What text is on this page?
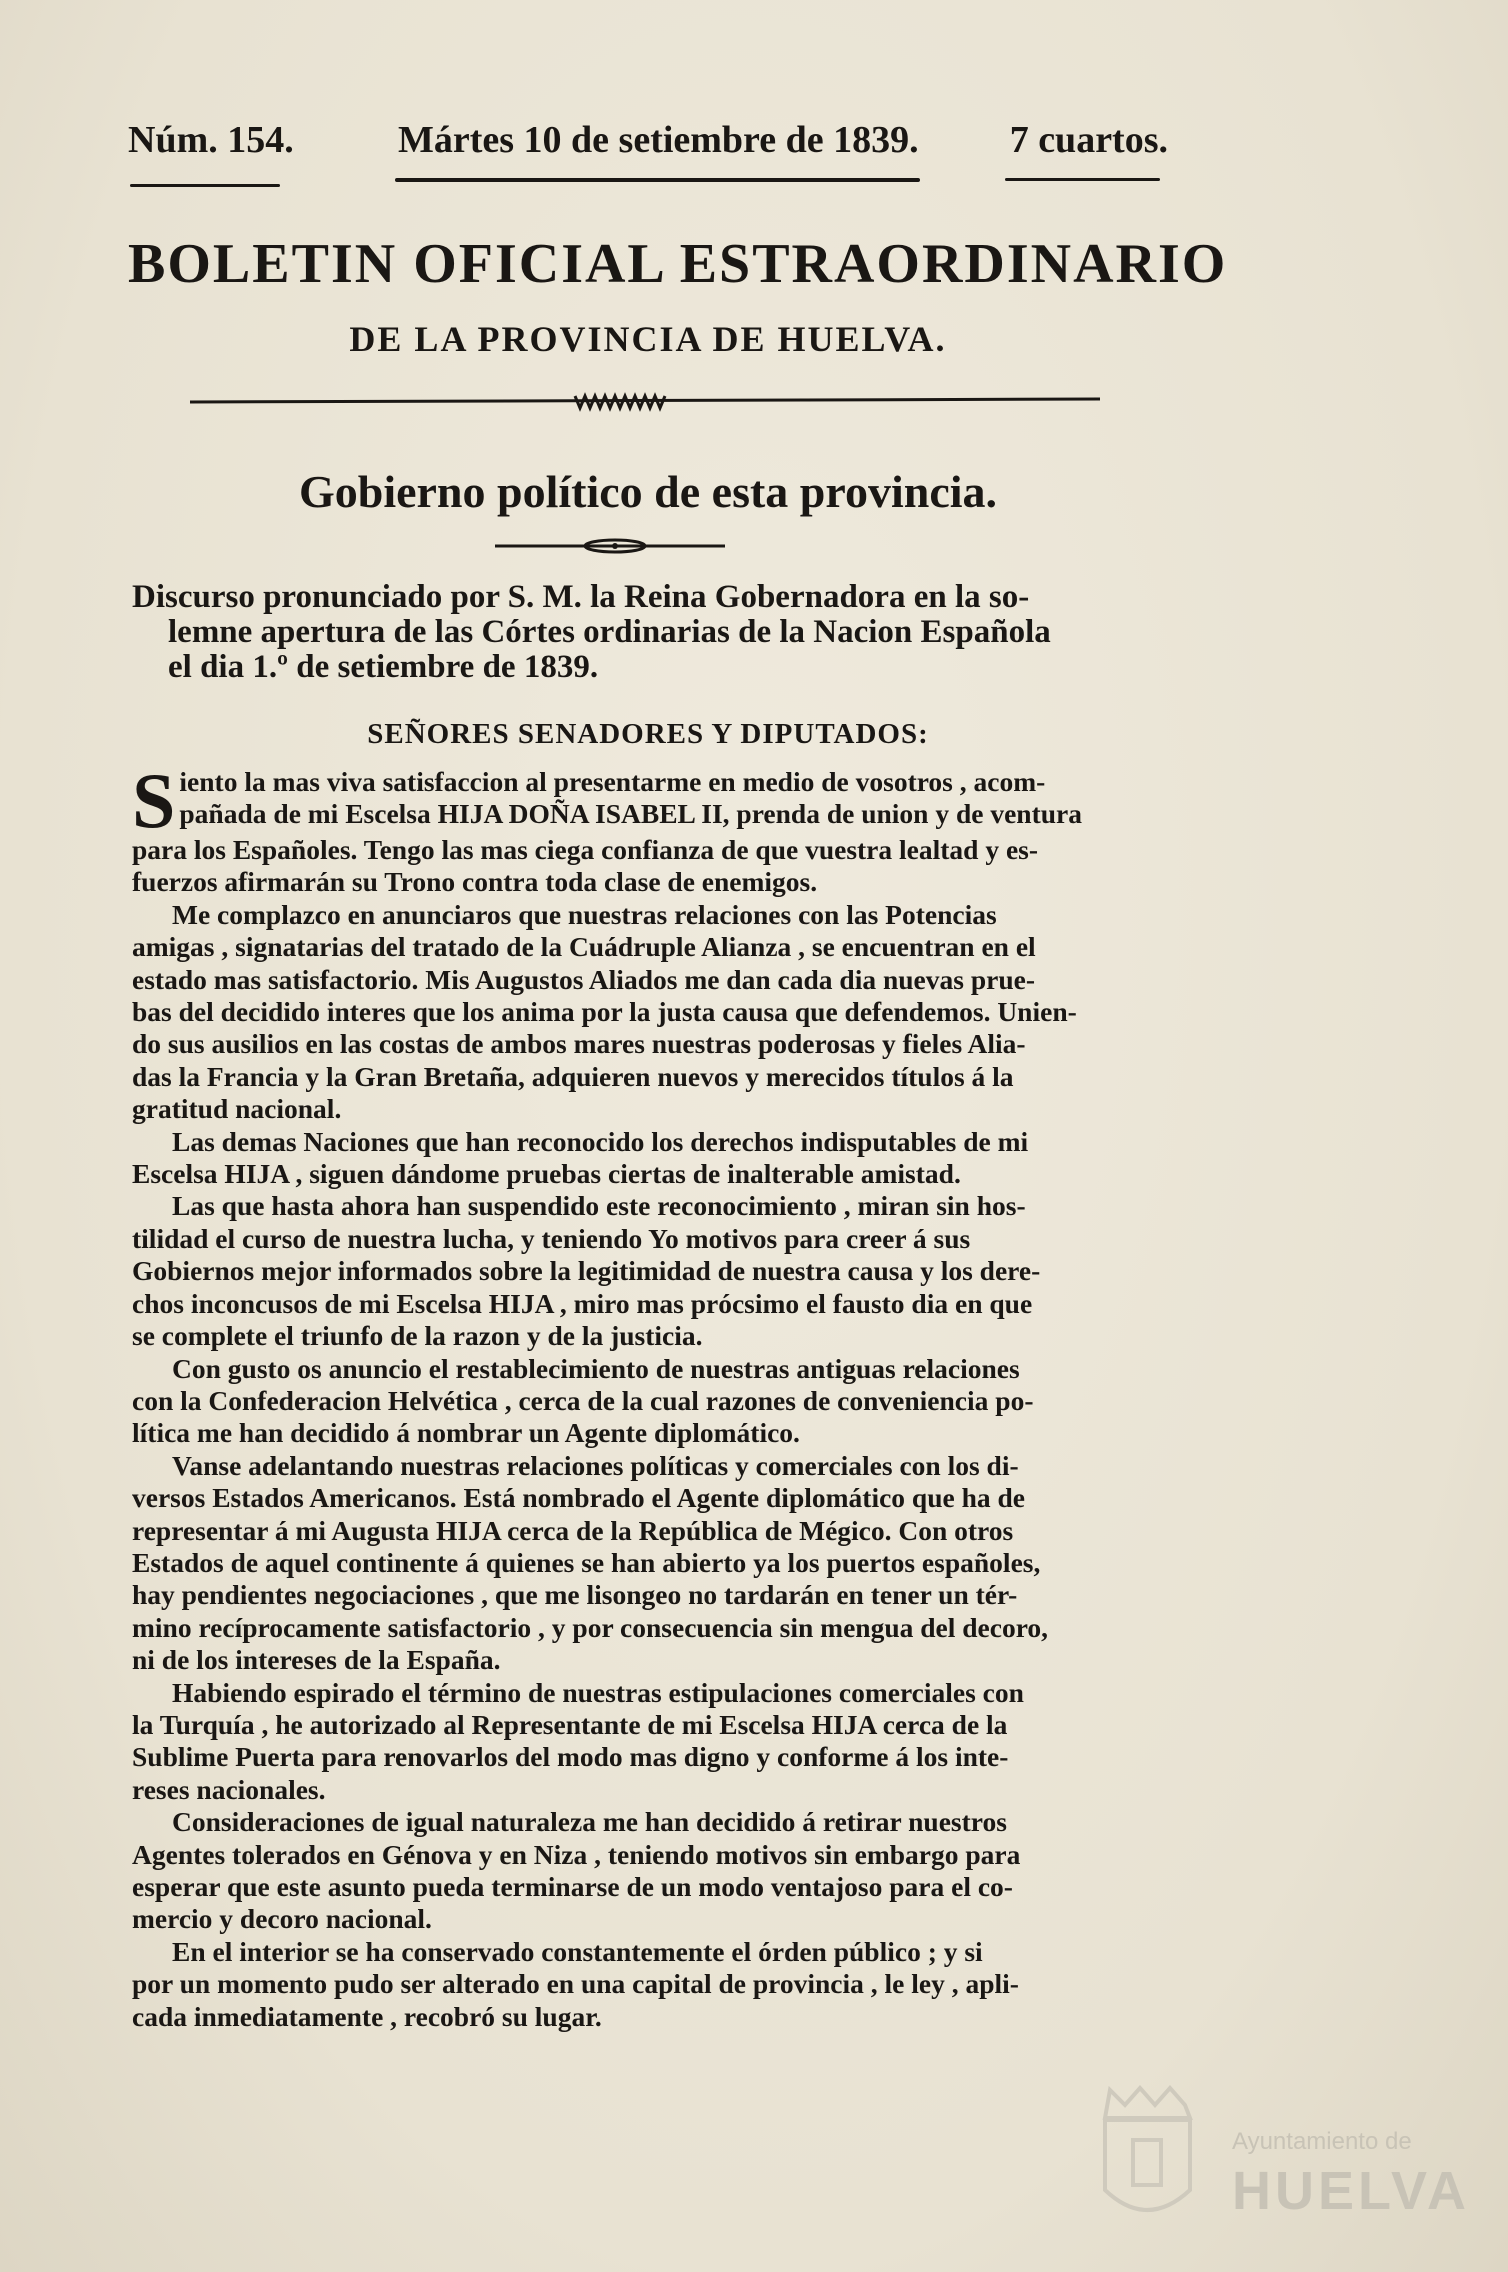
Núm. 154.	Mártes 10 de setiembre de 1839. 7 cuartos.
BOLETIN OFICIAL ESTRAORDINARIO
DE LA PROVINCIA DE HUELVA.
Gobierno político de esta provincia.
Discurso pronunciado por S. M. la Reina Gobernadora en la so-
lemne apertura de las Córtes ordinarias de la Nacion Española
el dia 1.º de setiembre de 1839.
SEÑORES SENADORES Y DIPUTADOS:

S iento la mas viva satisfaccion al presentarme en medio de vosotros , acom-
pañada de mi Escelsa HIJA DOÑA ISABEL II, prenda de union y de ventura
para los Españoles. Tengo las mas ciega confianza de que vuestra lealtad y es-
fuerzos afirmarán su Trono contra toda clase de enemigos.

Me complazco en anunciaros que nuestras relaciones con las Potencias
amigas , signatarias del tratado de la Cuádruple Alianza , se encuentran en el
estado mas satisfactorio. Mis Augustos Aliados me dan cada dia nuevas prue-
bas del decidido interes que los anima por la justa causa que defendemos. Unien-
do sus ausilios en las costas de ambos mares nuestras poderosas y fieles Alia-
das la Francia y la Gran Bretaña, adquieren nuevos y merecidos títulos á la
gratitud nacional.

Las demas Naciones que han reconocido los derechos indisputables de mi
Escelsa HIJA , siguen dándome pruebas ciertas de inalterable amistad.

Las que hasta ahora han suspendido este reconocimiento , miran sin hos-
tilidad el curso de nuestra lucha, y teniendo Yo motivos para creer á sus
Gobiernos mejor informados sobre la legitimidad de nuestra causa y los dere-
chos inconcusos de mi Escelsa HIJA , miro mas prócsimo el fausto dia en que
se complete el triunfo de la razon y de la justicia.

Con gusto os anuncio el restablecimiento de nuestras antiguas relaciones
con la Confederacion Helvética , cerca de la cual razones de conveniencia po-
lítica me han decidido á nombrar un Agente diplomático.

Vanse adelantando nuestras relaciones políticas y comerciales con los di-
versos Estados Americanos. Está nombrado el Agente diplomático que ha de
representar á mi Augusta HIJA cerca de la República de Mégico. Con otros
Estados de aquel continente á quienes se han abierto ya los puertos españoles,
hay pendientes negociaciones , que me lisongeo no tardarán en tener un tér-
mino recíprocamente satisfactorio , y por consecuencia sin mengua del decoro,
ni de los intereses de la España.

Habiendo espirado el término de nuestras estipulaciones comerciales con
la Turquía , he autorizado al Representante de mi Escelsa HIJA cerca de la
Sublime Puerta para renovarlos del modo mas digno y conforme á los inte-
reses nacionales.

Consideraciones de igual naturaleza me han decidido á retirar nuestros
Agentes tolerados en Génova y en Niza , teniendo motivos sin embargo para
esperar que este asunto pueda terminarse de un modo ventajoso para el co-
mercio y decoro nacional.

En el interior se ha conservado constantemente el órden público ; y si
por un momento pudo ser alterado en una capital de provincia , le ley , apli-
cada inmediatamente , recobró su lugar.

Ayuntamiento de
HUELVA
